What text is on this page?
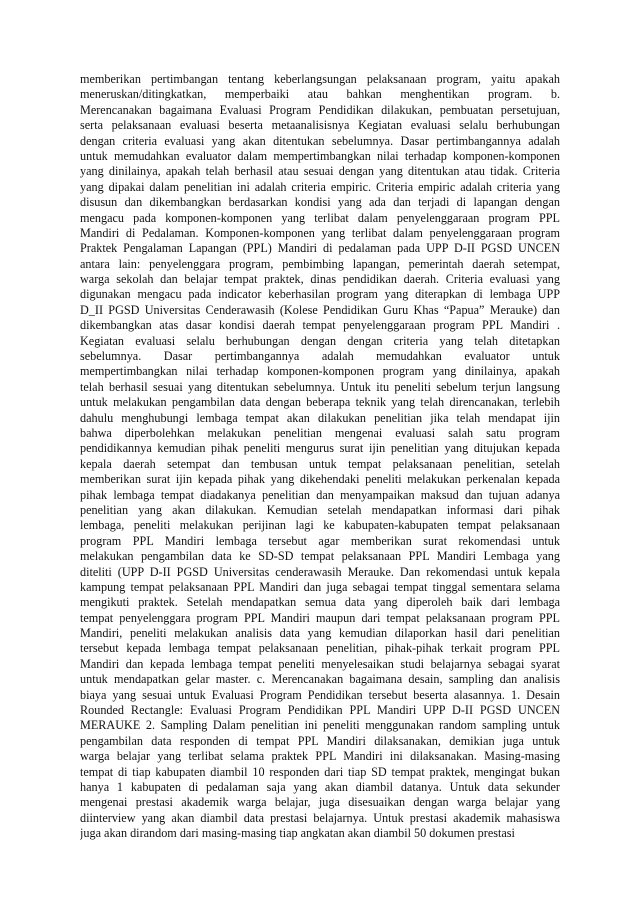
memberikan pertimbangan tentang keberlangsungan pelaksanaan program, yaitu apakah
meneruskan/ditingkatkan, memperbaiki atau bahkan menghentikan program. b.
Merencanakan bagaimana Evaluasi Program Pendidikan dilakukan, pembuatan persetujuan,
serta pelaksanaan evaluasi beserta metaanalisisnya Kegiatan evaluasi selalu berhubungan
dengan criteria evaluasi yang akan ditentukan sebelumnya. Dasar pertimbangannya adalah
untuk memudahkan evaluator dalam mempertimbangkan nilai terhadap komponen-komponen
yang dinilainya, apakah telah berhasil atau sesuai dengan yang ditentukan atau tidak. Criteria
yang dipakai dalam penelitian ini adalah criteria empiric. Criteria empiric adalah criteria yang
disusun dan dikembangkan berdasarkan kondisi yang ada dan terjadi di lapangan dengan
mengacu pada komponen-komponen yang terlibat dalam penyelenggaraan program PPL
Mandiri di Pedalaman. Komponen-komponen yang terlibat dalam penyelenggaraan program
Praktek Pengalaman Lapangan (PPL) Mandiri di pedalaman pada UPP D-II PGSD UNCEN
antara lain: penyelenggara program, pembimbing lapangan, pemerintah daerah setempat,
warga sekolah dan belajar tempat praktek, dinas pendidikan daerah. Criteria evaluasi yang
digunakan mengacu pada indicator keberhasilan program yang diterapkan di lembaga UPP
D_II PGSD Universitas Cenderawasih (Kolese Pendidikan Guru Khas “Papua” Merauke) dan
dikembangkan atas dasar kondisi daerah tempat penyelenggaraan program PPL Mandiri .
Kegiatan evaluasi selalu berhubungan dengan dengan criteria yang telah ditetapkan
sebelumnya. Dasar pertimbangannya adalah memudahkan evaluator untuk
mempertimbangkan nilai terhadap komponen-komponen program yang dinilainya, apakah
telah berhasil sesuai yang ditentukan sebelumnya. Untuk itu peneliti sebelum terjun langsung
untuk melakukan pengambilan data dengan beberapa teknik yang telah direncanakan, terlebih
dahulu menghubungi lembaga tempat akan dilakukan penelitian jika telah mendapat ijin
bahwa diperbolehkan melakukan penelitian mengenai evaluasi salah satu program
pendidikannya kemudian pihak peneliti mengurus surat ijin penelitian yang ditujukan kepada
kepala daerah setempat dan tembusan untuk tempat pelaksanaan penelitian, setelah
memberikan surat ijin kepada pihak yang dikehendaki peneliti melakukan perkenalan kepada
pihak lembaga tempat diadakanya penelitian dan menyampaikan maksud dan tujuan adanya
penelitian yang akan dilakukan. Kemudian setelah mendapatkan informasi dari pihak
lembaga, peneliti melakukan perijinan lagi ke kabupaten-kabupaten tempat pelaksanaan
program PPL Mandiri lembaga tersebut agar memberikan surat rekomendasi untuk
melakukan pengambilan data ke SD-SD tempat pelaksanaan PPL Mandiri Lembaga yang
diteliti (UPP D-II PGSD Universitas cenderawasih Merauke. Dan rekomendasi untuk kepala
kampung tempat pelaksanaan PPL Mandiri dan juga sebagai tempat tinggal sementara selama
mengikuti praktek. Setelah mendapatkan semua data yang diperoleh baik dari lembaga
tempat penyelenggara program PPL Mandiri maupun dari tempat pelaksanaan program PPL
Mandiri, peneliti melakukan analisis data yang kemudian dilaporkan hasil dari penelitian
tersebut kepada lembaga tempat pelaksanaan penelitian, pihak-pihak terkait program PPL
Mandiri dan kepada lembaga tempat peneliti menyelesaikan studi belajarnya sebagai syarat
untuk mendapatkan gelar master. c. Merencanakan bagaimana desain, sampling dan analisis
biaya yang sesuai untuk Evaluasi Program Pendidikan tersebut beserta alasannya. 1. Desain
Rounded Rectangle: Evaluasi Program Pendidikan PPL Mandiri UPP D-II PGSD UNCEN
MERAUKE 2. Sampling Dalam penelitian ini peneliti menggunakan random sampling untuk
pengambilan data responden di tempat PPL Mandiri dilaksanakan, demikian juga untuk
warga belajar yang terlibat selama praktek PPL Mandiri ini dilaksanakan. Masing-masing
tempat di tiap kabupaten diambil 10 responden dari tiap SD tempat praktek, mengingat bukan
hanya 1 kabupaten di pedalaman saja yang akan diambil datanya. Untuk data sekunder
mengenai prestasi akademik warga belajar, juga disesuaikan dengan warga belajar yang
diinterview yang akan diambil data prestasi belajarnya. Untuk prestasi akademik mahasiswa
juga akan dirandom dari masing-masing tiap angkatan akan diambil 50 dokumen prestasi
